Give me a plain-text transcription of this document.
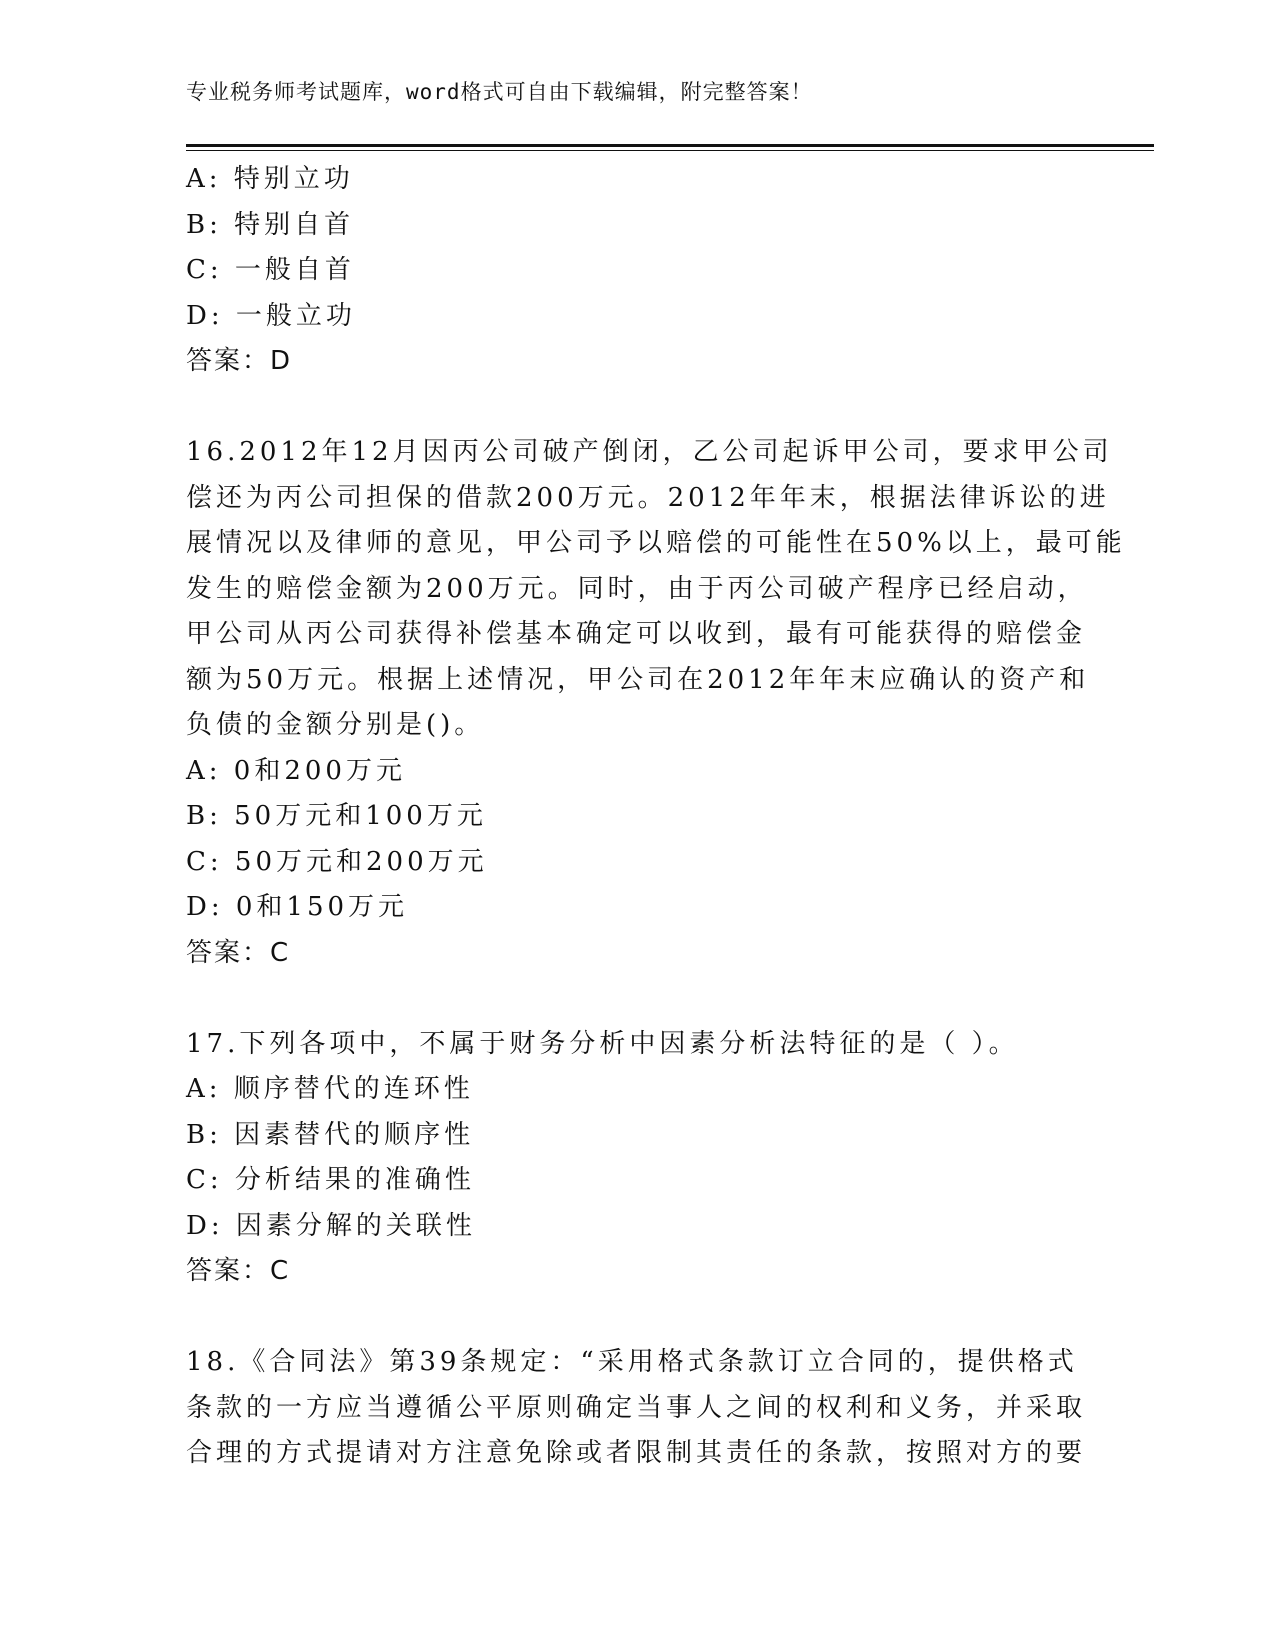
专业税务师考试题库，word格式可自由下载编辑，附完整答案！
A: 特别立功
B: 特别自首
C: 一般自首
D: 一般立功
答案：D
16.2012年12月因丙公司破产倒闭，乙公司起诉甲公司，要求甲公司
偿还为丙公司担保的借款200万元。2012年年末，根据法律诉讼的进
展情况以及律师的意见，甲公司予以赔偿的可能性在50%以上，最可能
发生的赔偿金额为200万元。同时，由于丙公司破产程序已经启动，
甲公司从丙公司获得补偿基本确定可以收到，最有可能获得的赔偿金
额为50万元。根据上述情况，甲公司在2012年年末应确认的资产和
负债的金额分别是()。
A: 0和200万元
B: 50万元和100万元
C: 50万元和200万元
D: 0和150万元
答案：C
17.下列各项中，不属于财务分析中因素分析法特征的是（ ）。
A: 顺序替代的连环性
B: 因素替代的顺序性
C: 分析结果的准确性
D: 因素分解的关联性
答案：C
18.《合同法》第39条规定：“采用格式条款订立合同的，提供格式
条款的一方应当遵循公平原则确定当事人之间的权利和义务，并采取
合理的方式提请对方注意免除或者限制其责任的条款，按照对方的要
